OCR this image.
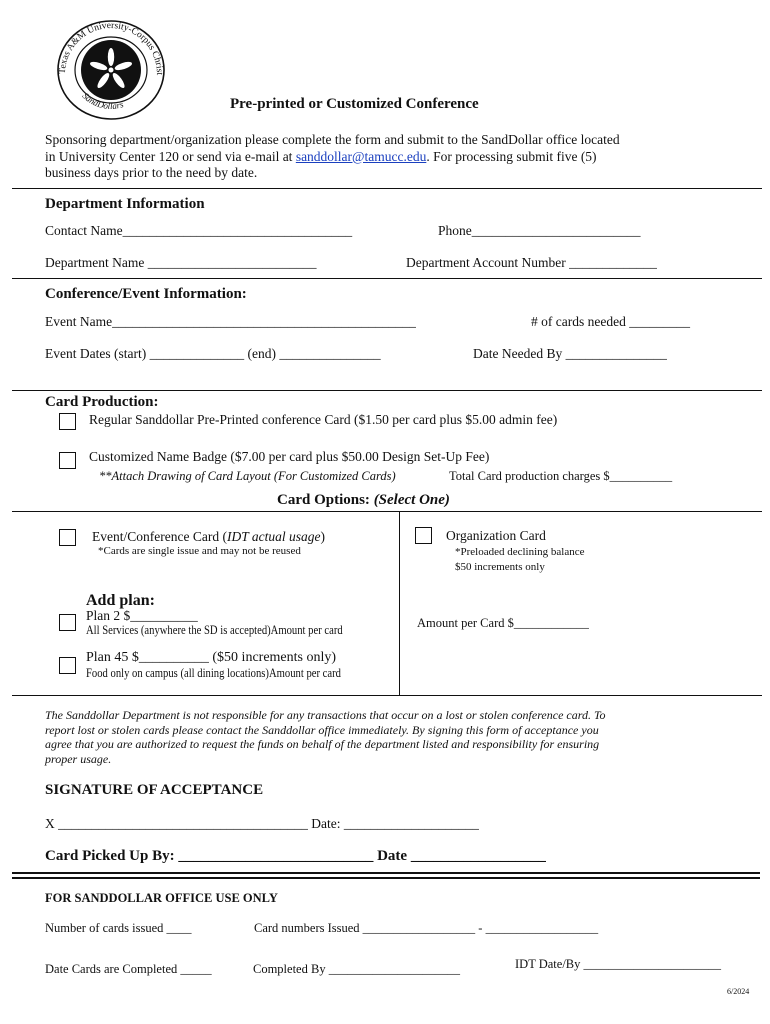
Texas A&M University-Corpus Christ
SandDollars	Pre-printed or Customized Conference
Sponsoring department/organization please complete the form and submit to the SandDollar office located
in University Center 120 or send via e-mail at sanddollar@tamucc.edu. For processing submit five (5)
business days prior to the need by date.
Department Information
Contact Name__________________________________	Phone_________________________
Department Name _________________________	Department Account Number _____________
Conference/Event Information:
Event Name_____________________________________________	# of cards needed _________
Event Dates (start) ______________ (end) _______________	Date Needed By _______________
Card Production:
Regular Sanddollar Pre-Printed conference Card ($1.50 per card plus $5.00 admin fee)
Customized Name Badge ($7.00 per card plus $50.00 Design Set-Up Fee)
**Attach Drawing of Card Layout (For Customized Cards)	Total Card production charges $__________
Card Options: (Select One)
Event/Conference Card (IDT actual usage)
*Cards are single issue and may not be reused
Organization Card
*Preloaded declining balance
$50 increments only
Add plan:
Plan 2 $__________
All Services (anywhere the SD is accepted)Amount per card	Amount per Card $____________
Plan 45 $__________ ($50 increments only)
Food only on campus (all dining locations)Amount per card
The Sanddollar Department is not responsible for any transactions that occur on a lost or stolen conference card. To
report lost or stolen cards please contact the Sanddollar office immediately. By signing this form of acceptance you
agree that you are authorized to request the funds on behalf of the department listed and responsibility for ensuring
proper usage.
SIGNATURE OF ACCEPTANCE
X _____________________________________ Date: ____________________
Card Picked Up By: __________________________ Date __________________
FOR SANDDOLLAR OFFICE USE ONLY
Number of cards issued ____	Card numbers Issued __________________ - __________________
Date Cards are Completed _____	Completed By _____________________	IDT Date/By ______________________
6/2024
